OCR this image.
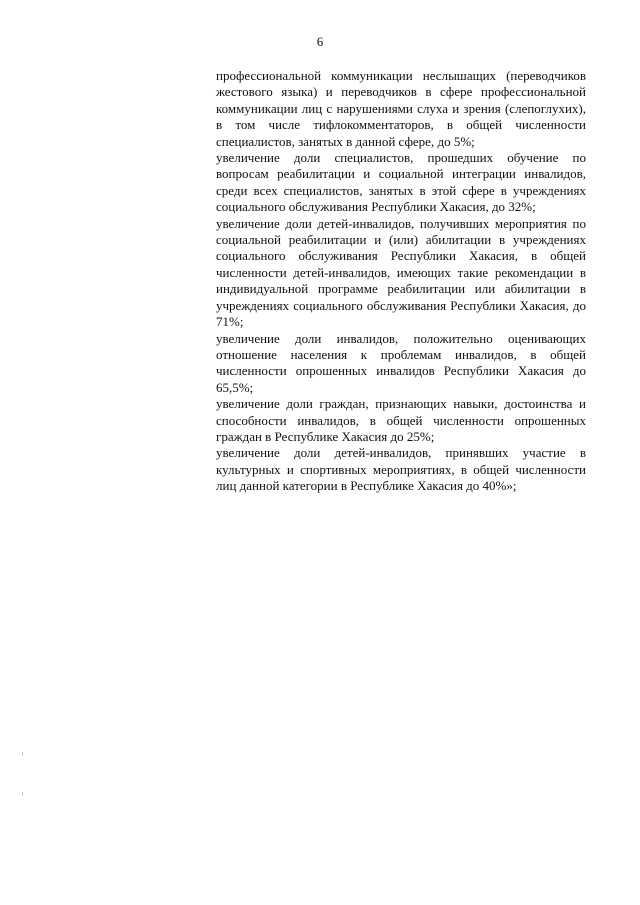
6

профессиональной коммуникации неслышащих (переводчиков жестового языка) и переводчиков в сфере профессиональной коммуникации лиц с нарушениями слуха и зрения (слепоглухих), в том числе тифлокомментаторов, в общей численности специалистов, занятых в данной сфере, до 5%;

увеличение доли специалистов, прошедших обучение по вопросам реабилитации и социальной интеграции инвалидов, среди всех специалистов, занятых в этой сфере в учреждениях социального обслуживания Республики Хакасия, до 32%;

увеличение доли детей-инвалидов, получивших мероприятия по социальной реабилитации и (или) абилитации в учреждениях социального обслуживания Республики Хакасия, в общей численности детей-инвалидов, имеющих такие рекомендации в индивидуальной программе реабилитации или абилитации в учреждениях социального обслуживания Республики Хакасия, до 71%;

увеличение доли инвалидов, положительно оценивающих отношение населения к проблемам инвалидов, в общей численности опрошенных инвалидов Республики Хакасия до 65,5%;

увеличение доли граждан, признающих навыки, достоинства и способности инвалидов, в общей численности опрошенных граждан в Республике Хакасия до 25%;

увеличение доли детей-инвалидов, принявших участие в культурных и спортивных мероприятиях, в общей численности лиц данной категории в Республике Хакасия до 40%»;
